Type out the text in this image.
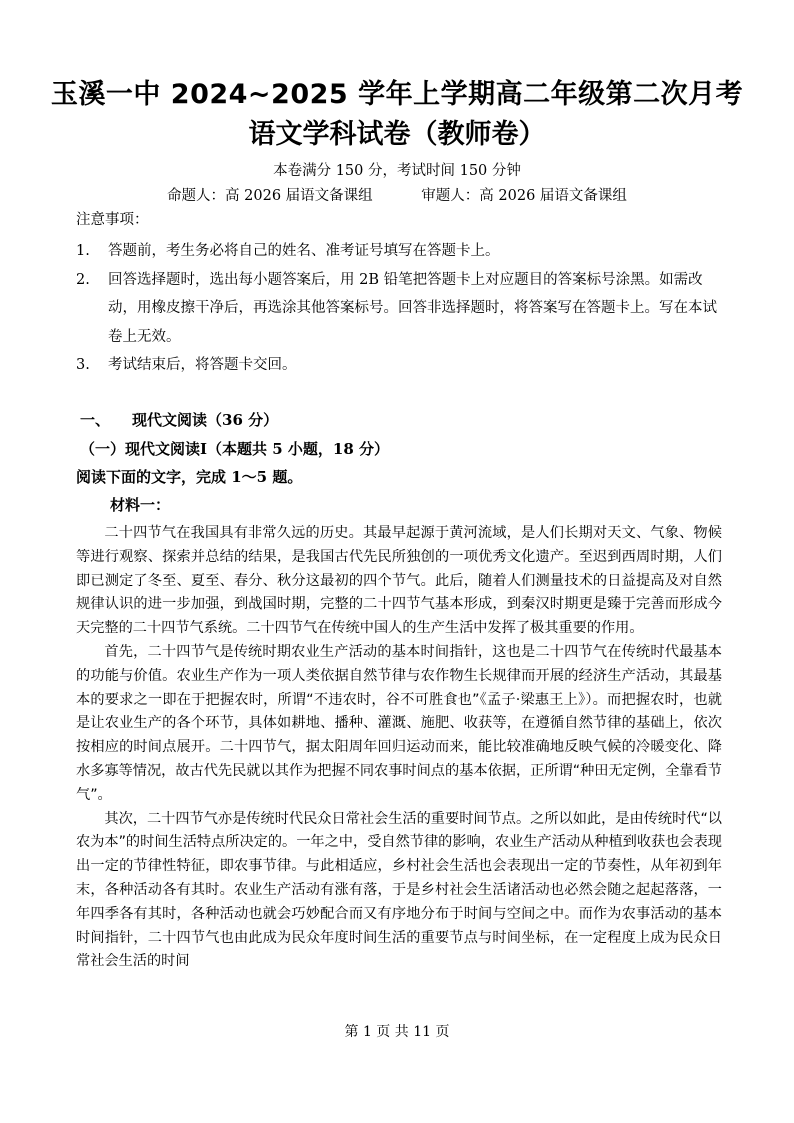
玉溪一中 2024~2025 学年上学期高二年级第二次月考
语文学科试卷（教师卷）
本卷满分 150 分，考试时间 150 分钟
命题人：高 2026 届语文备课组	审题人：高 2026 届语文备课组
注意事项：
1.	答题前，考生务必将自己的姓名、准考证号填写在答题卡上。
2.	回答选择题时，选出每小题答案后，用 2B 铅笔把答题卡上对应题目的答案标号涂黑。如需改动，用橡皮擦干净后，再选涂其他答案标号。回答非选择题时，将答案写在答题卡上。写在本试卷上无效。
3.	考试结束后，将答题卡交回。
一、 现代文阅读（36 分）
（一）现代文阅读Ⅰ（本题共 5 小题，18 分）
阅读下面的文字，完成 1～5 题。
材料一：

二十四节气在我国具有非常久远的历史。其最早起源于黄河流域，是人们长期对天文、气象、物候等进行观察、探索并总结的结果，是我国古代先民所独创的一项优秀文化遗产。至迟到西周时期，人们即已测定了冬至、夏至、春分、秋分这最初的四个节气。此后，随着人们测量技术的日益提高及对自然规律认识的进一步加强，到战国时期，完整的二十四节气基本形成，到秦汉时期更是臻于完善而形成今天完整的二十四节气系统。二十四节气在传统中国人的生产生活中发挥了极其重要的作用。

首先，二十四节气是传统时期农业生产活动的基本时间指针，这也是二十四节气在传统时代最基本的功能与价值。农业生产作为一项人类依据自然节律与农作物生长规律而开展的经济生产活动，其最基本的要求之一即在于把握农时，所谓“不违农时，谷不可胜食也”《孟子·梁惠王上》）。而把握农时，也就是让农业生产的各个环节，具体如耕地、播种、灌溉、施肥、收获等，在遵循自然节律的基础上，依次按相应的时间点展开。二十四节气，据太阳周年回归运动而来，能比较准确地反映气候的冷暖变化、降水多寡等情况，故古代先民就以其作为把握不同农事时间点的基本依据，正所谓“种田无定例，全靠看节气”。

其次，二十四节气亦是传统时代民众日常社会生活的重要时间节点。之所以如此，是由传统时代“以农为本”的时间生活特点所决定的。一年之中，受自然节律的影响，农业生产活动从种植到收获也会表现出一定的节律性特征，即农事节律。与此相适应，乡村社会生活也会表现出一定的节奏性，从年初到年末，各种活动各有其时。农业生产活动有涨有落，于是乡村社会生活诸活动也必然会随之起起落落，一年四季各有其时，各种活动也就会巧妙配合而又有序地分布于时间与空间之中。而作为农事活动的基本时间指针，二十四节气也由此成为民众年度时间生活的重要节点与时间坐标，在一定程度上成为民众日常社会生活的时间

第 1 页 共 11 页
